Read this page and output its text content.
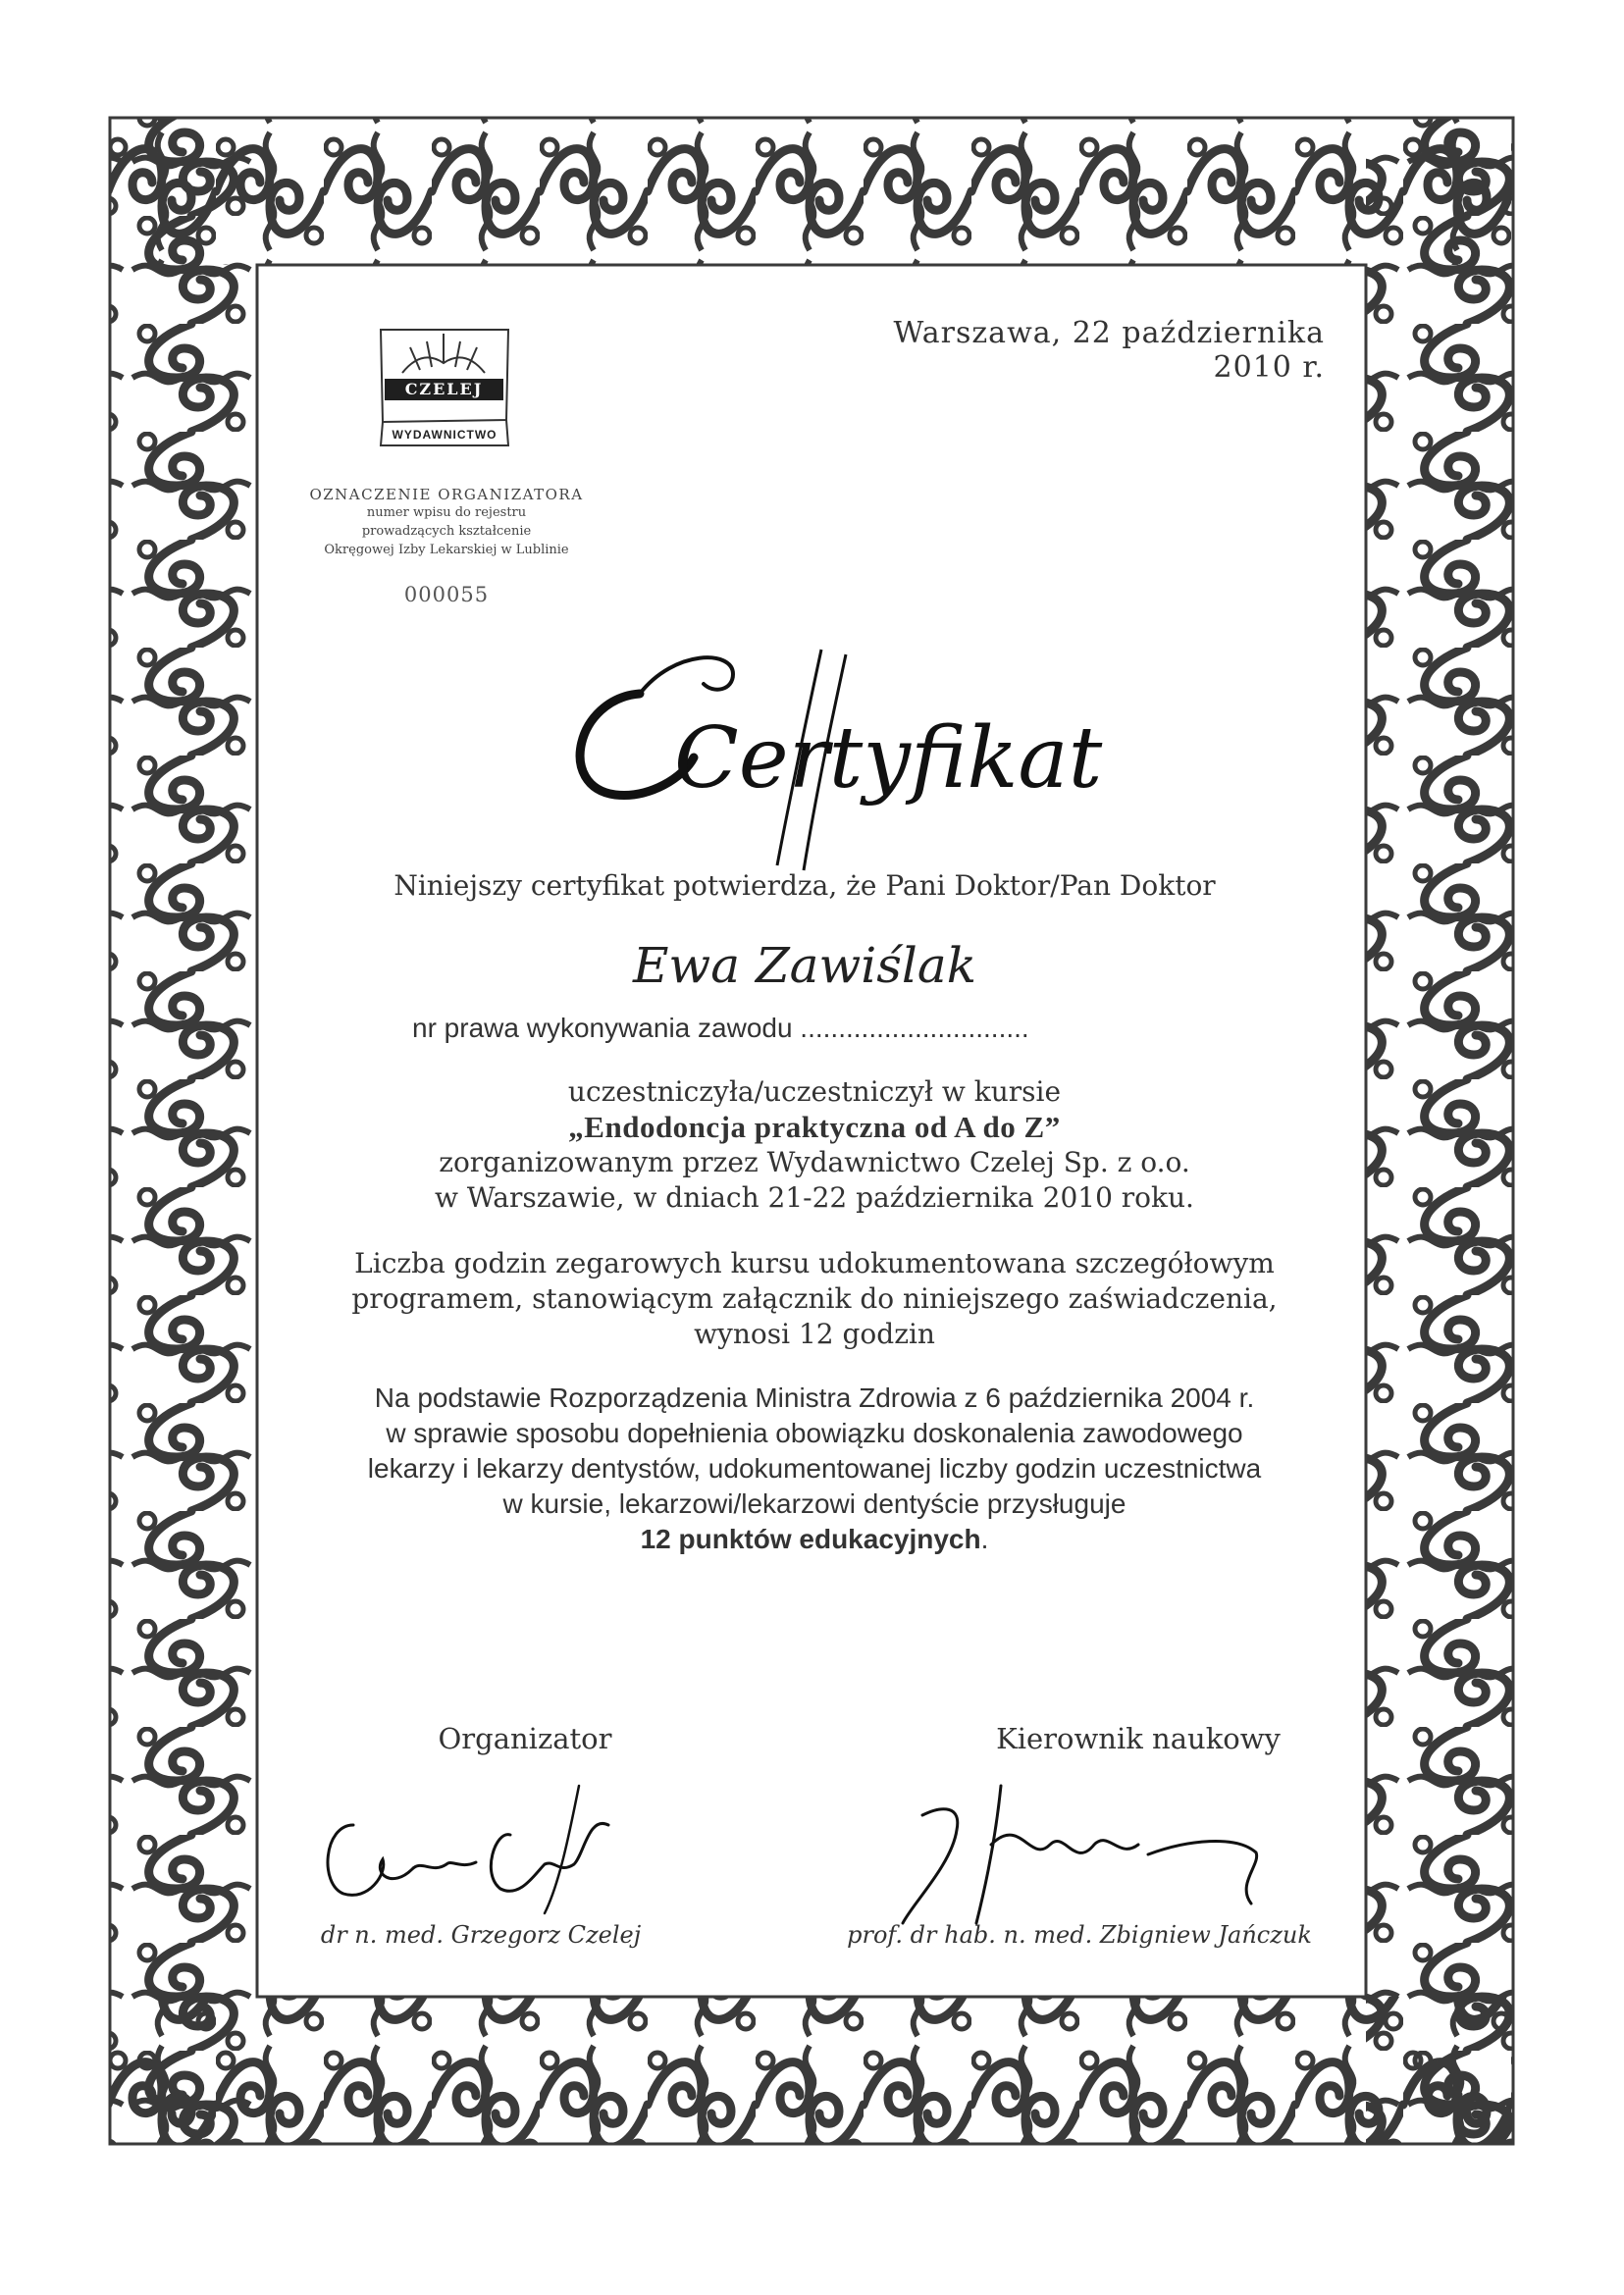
Warszawa, 22 października 2010 r.
CZELEJ
WYDAWNICTWO
OZNACZENIE ORGANIZATORA
numer wpisu do rejestru
prowadzących kształcenie
Okręgowej Izby Lekarskiej w Lublinie
000055
Certyfikat
Niniejszy certyfikat potwierdza, że Pani Doktor/Pan Doktor
Ewa Zawiślak
nr prawa wykonywania zawodu ..............................
uczestniczyła/uczestniczył w kursie
„Endodoncja praktyczna od A do Z”
zorganizowanym przez Wydawnictwo Czelej Sp. z o.o.
w Warszawie, w dniach 21-22 października 2010 roku.
Liczba godzin zegarowych kursu udokumentowana szczegółowym
programem, stanowiącym załącznik do niniejszego zaświadczenia,
wynosi 12 godzin
Na podstawie Rozporządzenia Ministra Zdrowia z 6 października 2004 r.
w sprawie sposobu dopełnienia obowiązku doskonalenia zawodowego
lekarzy i lekarzy dentystów, udokumentowanej liczby godzin uczestnictwa
w kursie, lekarzowi/lekarzowi dentyście przysługuje
12 punktów edukacyjnych.
Organizator	Kierownik naukowy
dr n. med. Grzegorz Czelej	prof. dr hab. n. med. Zbigniew Jańczuk
